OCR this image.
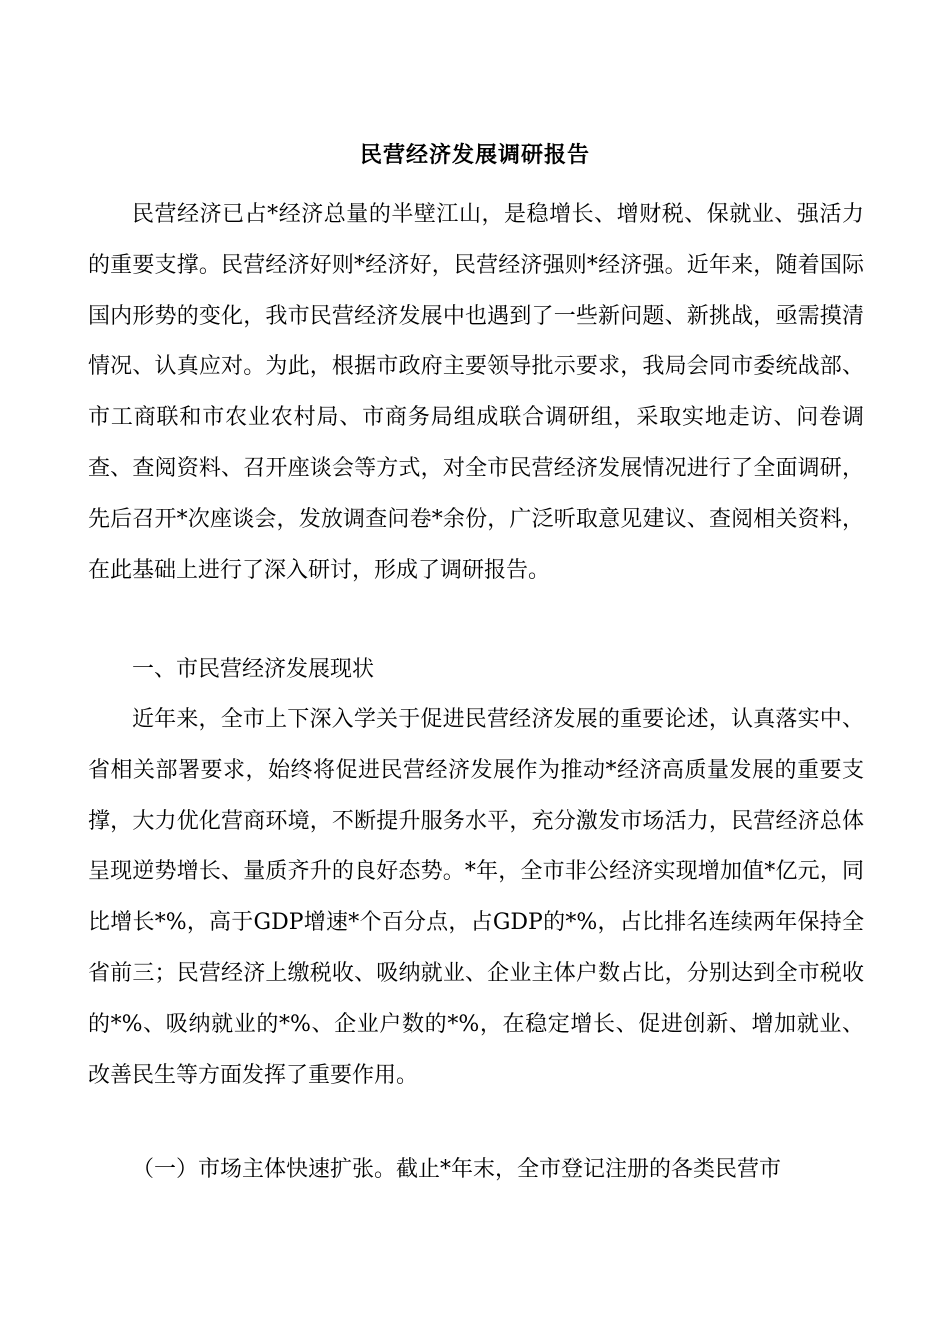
民营经济发展调研报告

民营经济已占*经济总量的半壁江山，是稳增长、增财税、保就业、强活力的重要支撑。民营经济好则*经济好，民营经济强则*经济强。近年来，随着国际国内形势的变化，我市民营经济发展中也遇到了一些新问题、新挑战，亟需摸清情况、认真应对。为此，根据市政府主要领导批示要求，我局会同市委统战部、市工商联和市农业农村局、市商务局组成联合调研组，采取实地走访、问卷调查、查阅资料、召开座谈会等方式，对全市民营经济发展情况进行了全面调研，先后召开*次座谈会，发放调查问卷*余份，广泛听取意见建议、查阅相关资料，在此基础上进行了深入研讨，形成了调研报告。

一、市民营经济发展现状

近年来，全市上下深入学关于促进民营经济发展的重要论述，认真落实中、省相关部署要求，始终将促进民营经济发展作为推动*经济高质量发展的重要支撑，大力优化营商环境，不断提升服务水平，充分激发市场活力，民营经济总体呈现逆势增长、量质齐升的良好态势。*年，全市非公经济实现增加值*亿元，同比增长*%，高于GDP增速*个百分点，占GDP的*%，占比排名连续两年保持全省前三；民营经济上缴税收、吸纳就业、企业主体户数占比，分别达到全市税收的*%、吸纳就业的*%、企业户数的*%，在稳定增长、促进创新、增加就业、改善民生等方面发挥了重要作用。

（一）市场主体快速扩张。截止*年末，全市登记注册的各类民营市
